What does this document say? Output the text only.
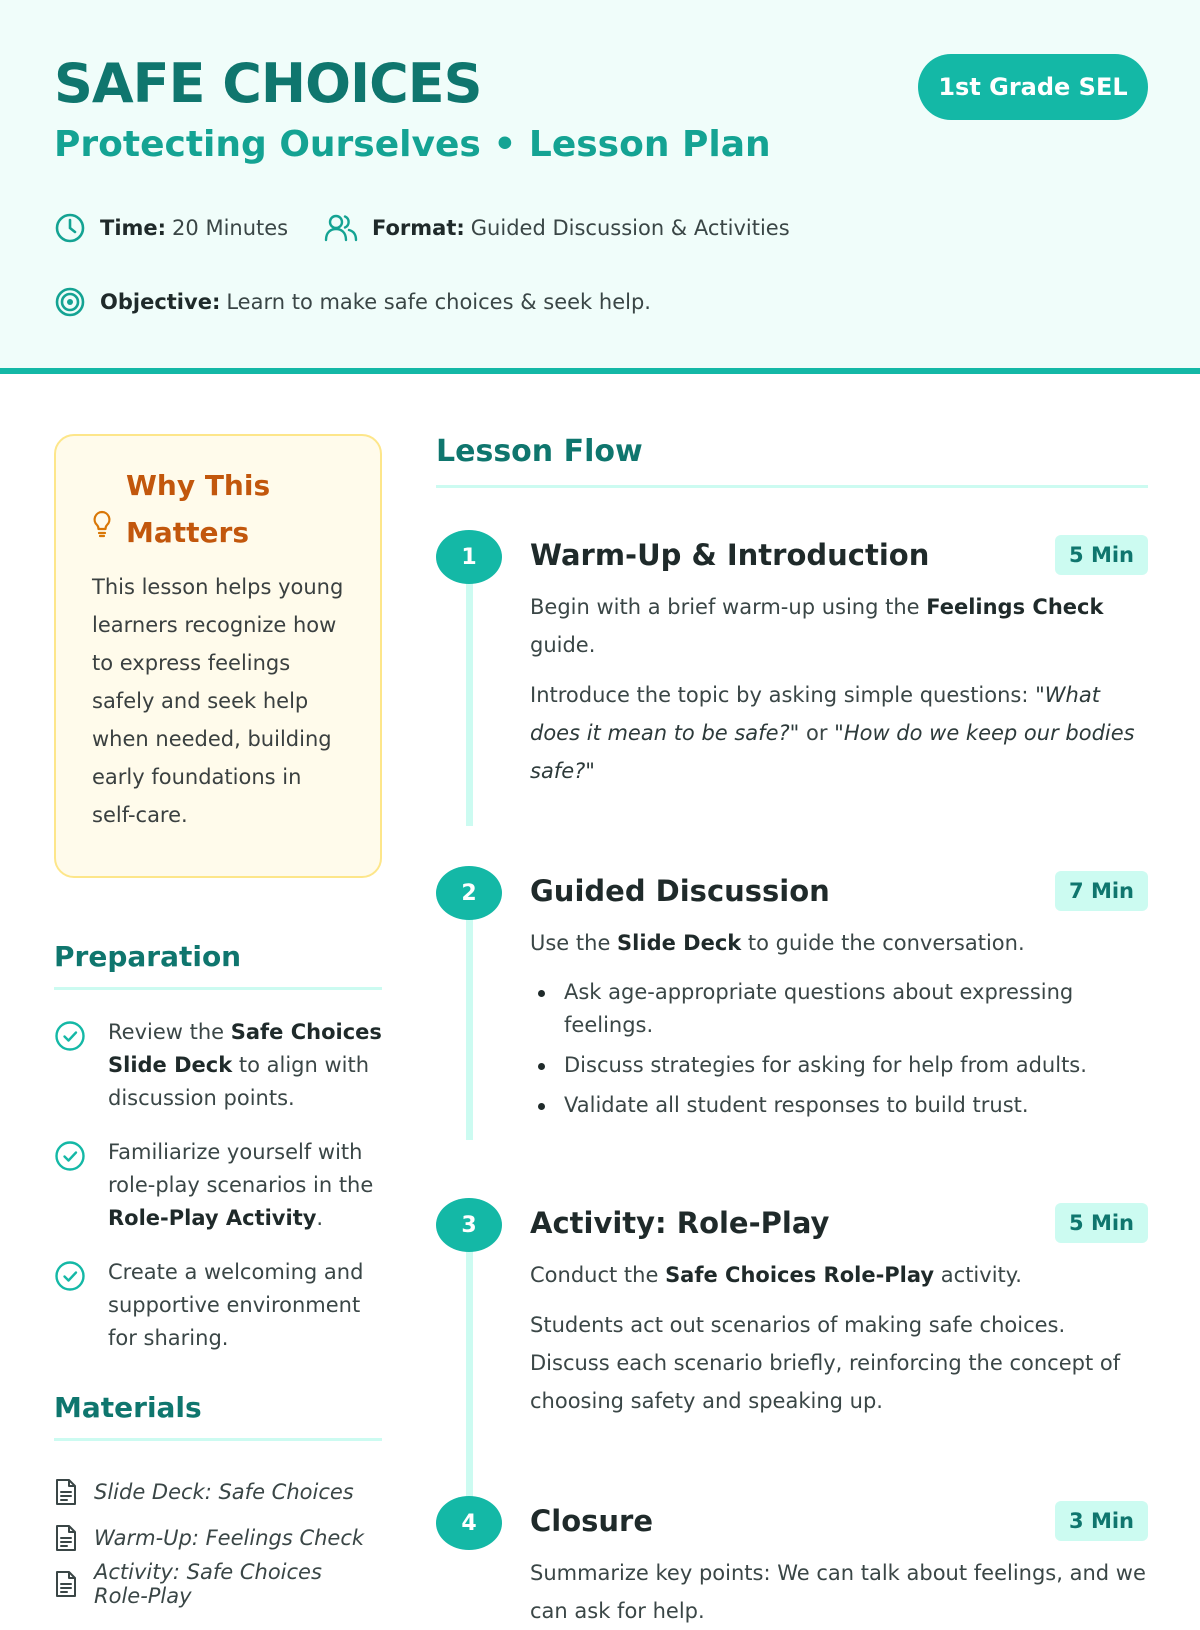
SAFE CHOICES
Protecting Ourselves • Lesson Plan
1st Grade SEL
Time: 20 Minutes	Format: Guided Discussion & Activities
Objective: Learn to make safe choices & seek help.
Why This Matters
This lesson helps young learners recognize how to express feelings safely and seek help when needed, building early foundations in self-care.
Preparation
Review the Safe Choices Slide Deck to align with discussion points.
Familiarize yourself with role-play scenarios in the Role-Play Activity.
Create a welcoming and supportive environment for sharing.
Materials
Slide Deck: Safe Choices
Warm-Up: Feelings Check
Activity: Safe Choices Role-Play
Lesson Flow
1	Warm-Up & Introduction	5 Min

Begin with a brief warm-up using the Feelings Check guide.

Introduce the topic by asking simple questions: "What does it mean to be safe?" or "How do we keep our bodies safe?"

2	Guided Discussion	7 Min

Use the Slide Deck to guide the conversation.

Ask age-appropriate questions about expressing feelings.
Discuss strategies for asking for help from adults.
Validate all student responses to build trust.
3	Activity: Role-Play	5 Min

Conduct the Safe Choices Role-Play activity.

Students act out scenarios of making safe choices. Discuss each scenario briefly, reinforcing the concept of choosing safety and speaking up.

4	Closure	3 Min

Summarize key points: We can talk about feelings, and we can ask for help.
